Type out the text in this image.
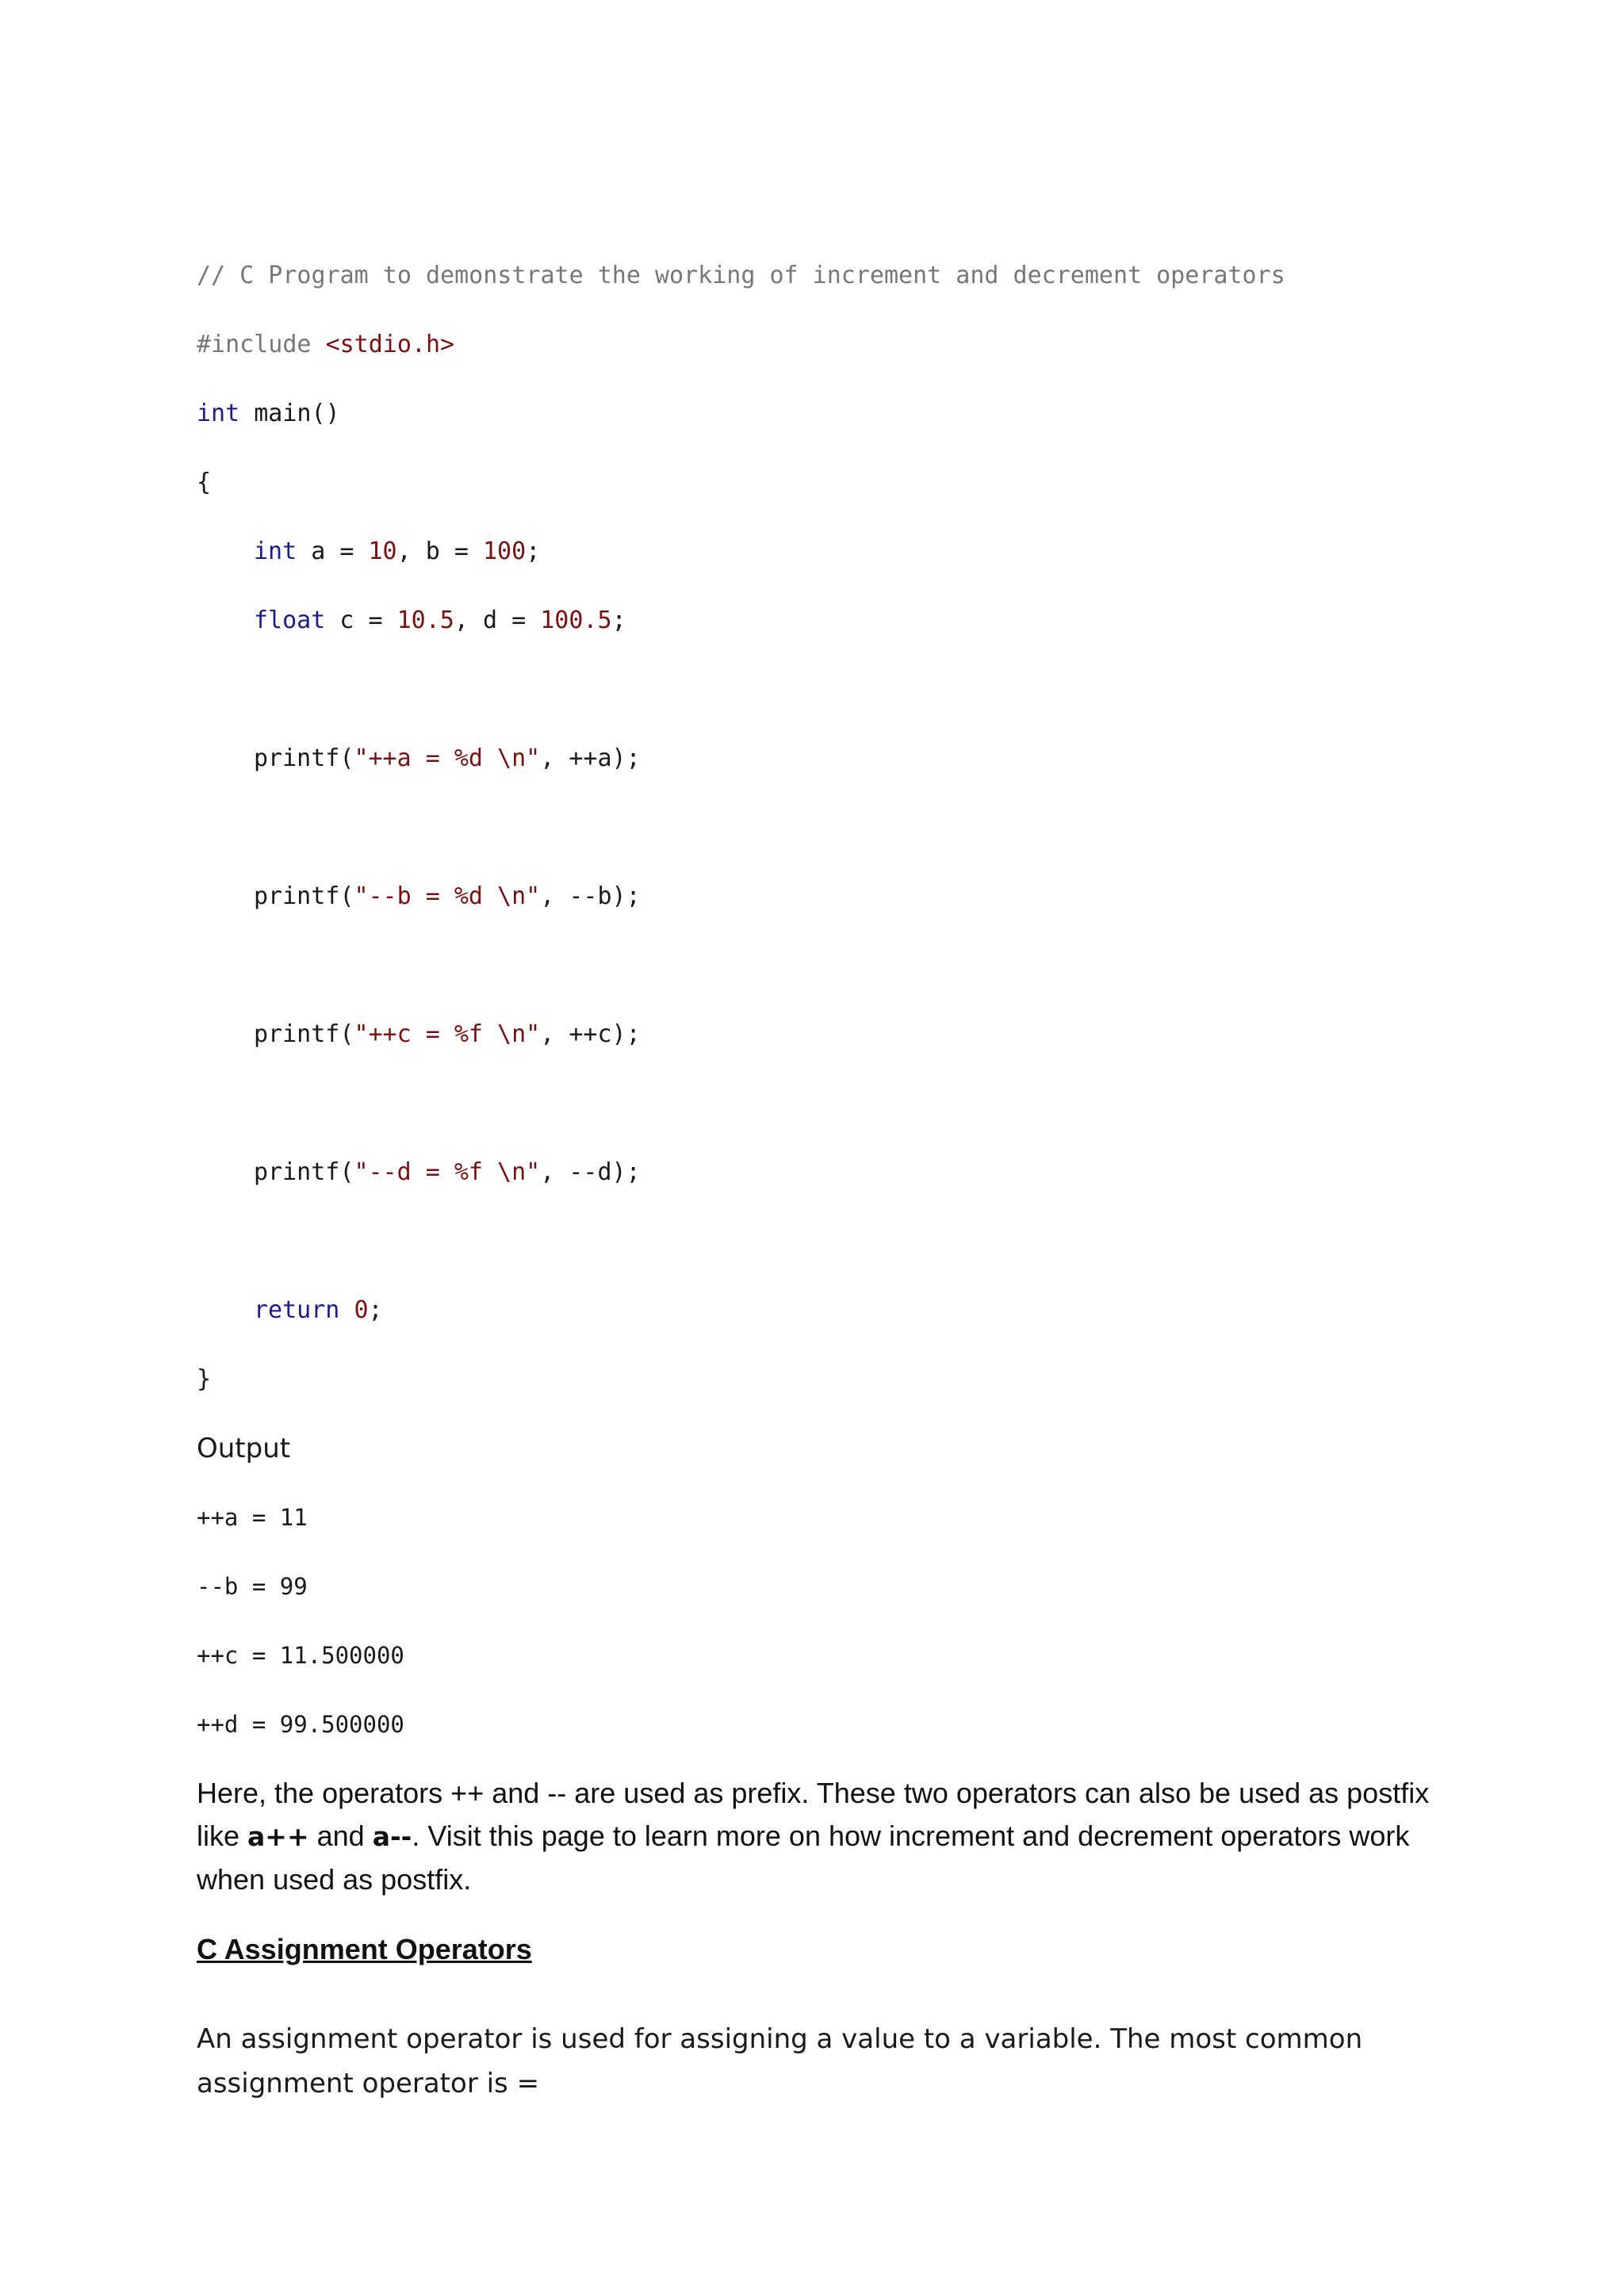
// C Program to demonstrate the working of increment and decrement operators
#include <stdio.h>
int main()
{
int a = 10, b = 100;
float c = 10.5, d = 100.5;
printf("++a = %d \n", ++a);
printf("--b = %d \n", --b);
printf("++c = %f \n", ++c);
printf("--d = %f \n", --d);
return 0;
}
Output
++a = 11
--b = 99
++c = 11.500000
++d = 99.500000
Here, the operators ++ and -- are used as prefix. These two operators can also be used as postfix like a++ and a--. Visit this page to learn more on how increment and decrement operators work when used as postfix.
C Assignment Operators
An assignment operator is used for assigning a value to a variable. The most common assignment operator is =
